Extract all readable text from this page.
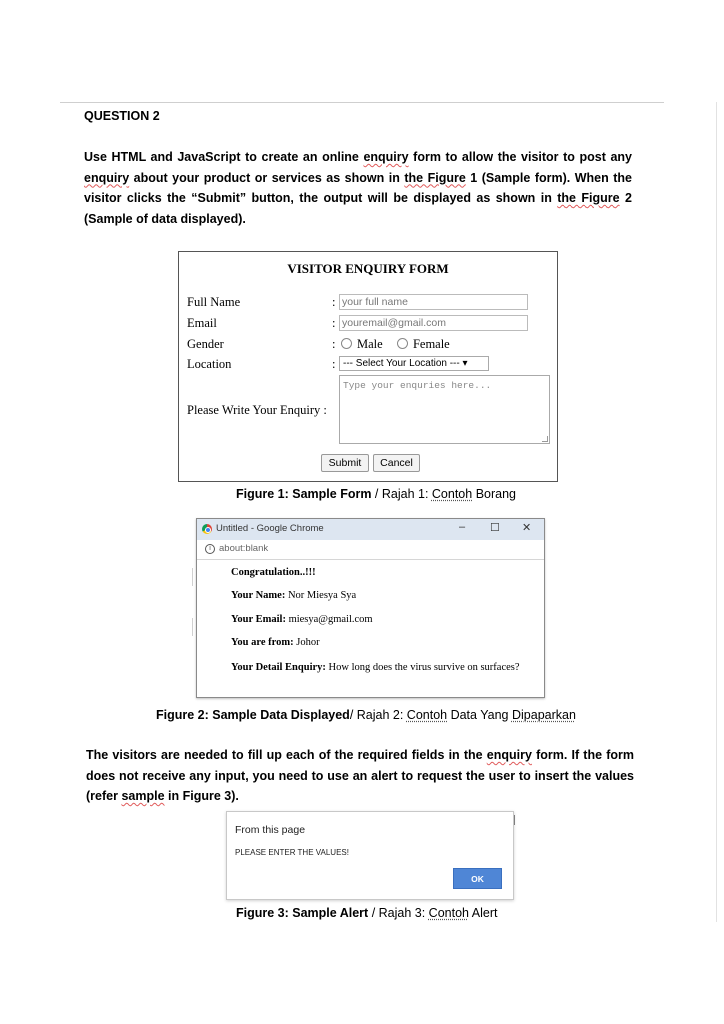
QUESTION 2
Use HTML and JavaScript to create an online enquiry form to allow the visitor to post any enquiry about your product or services as shown in the Figure 1 (Sample form). When the visitor clicks the “Submit” button, the output will be displayed as shown in the Figure 2 (Sample of data displayed).
VISITOR ENQUIRY FORM
Full Name	: your full name
Email	: youremail@gmail.com
Gender	:	Male Female
Location	: --- Select Your Location --- ▾
Please Write Your Enquiry :
Type your enquries here...
Submit	Cancel
Figure 1: Sample Form / Rajah 1: Contoh Borang
Untitled - Google Chrome	– ☐ ✕
i about:blank
Congratulation..!!!
Your Name: Nor Miesya Sya
Your Email: miesya@gmail.com
You are from: Johor
Your Detail Enquiry: How long does the virus survive on surfaces?
Figure 2: Sample Data Displayed/ Rajah 2: Contoh Data Yang Dipaparkan
The visitors are needed to fill up each of the required fields in the enquiry form. If the form does not receive any input, you need to use an alert to request the user to insert the values (refer sample in Figure 3).
From this page
PLEASE ENTER THE VALUES!
OK
Figure 3: Sample Alert / Rajah 3: Contoh Alert
